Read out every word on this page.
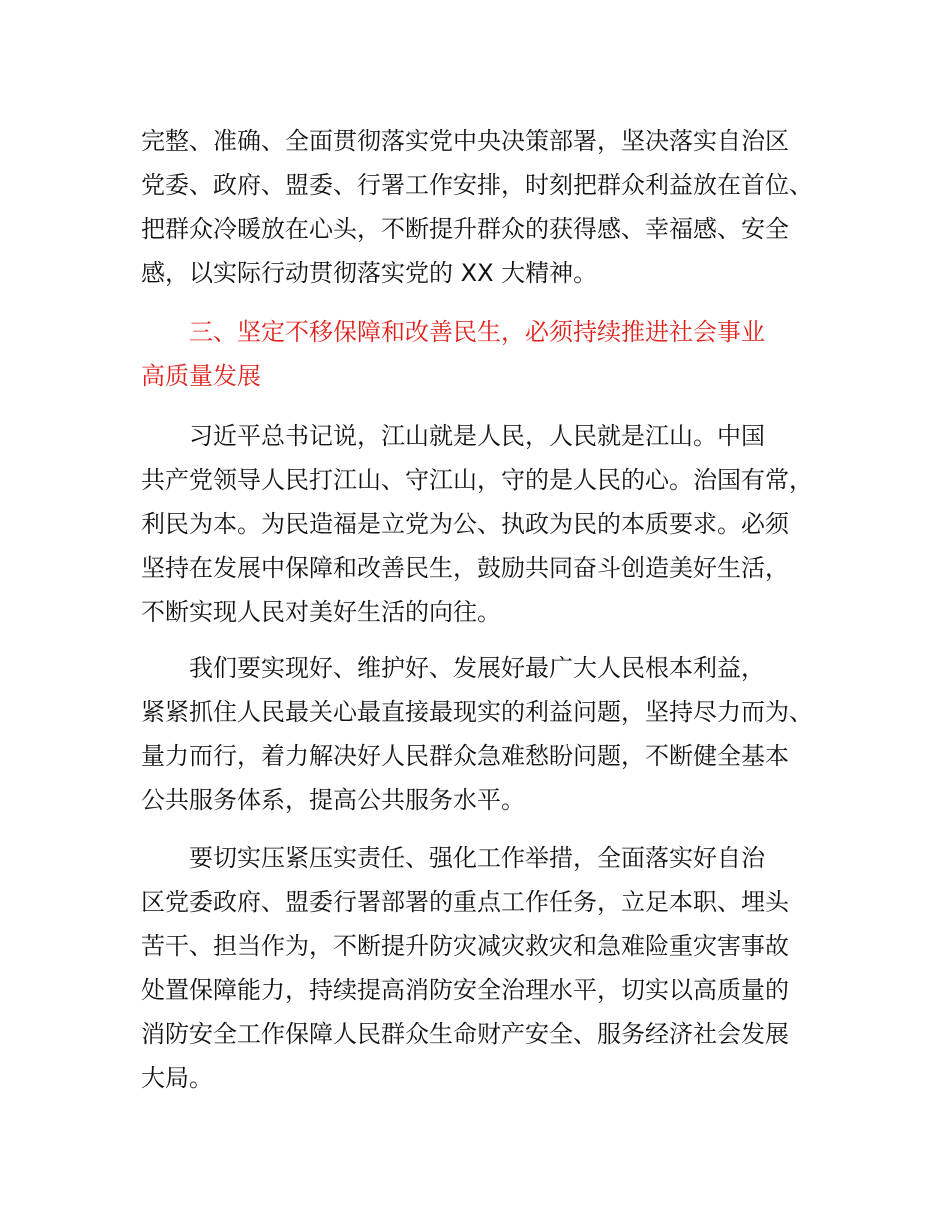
完整、准确、全面贯彻落实党中央决策部署，坚决落实自治区
党委、政府、盟委、行署工作安排，时刻把群众利益放在首位、
把群众冷暖放在心头，不断提升群众的获得感、幸福感、安全
感，以实际行动贯彻落实党的 XX 大精神。
三、坚定不移保障和改善民生，必须持续推进社会事业
高质量发展
习近平总书记说，江山就是人民，人民就是江山。中国
共产党领导人民打江山、守江山，守的是人民的心。治国有常，
利民为本。为民造福是立党为公、执政为民的本质要求。必须
坚持在发展中保障和改善民生，鼓励共同奋斗创造美好生活，
不断实现人民对美好生活的向往。
我们要实现好、维护好、发展好最广大人民根本利益，
紧紧抓住人民最关心最直接最现实的利益问题，坚持尽力而为、
量力而行，着力解决好人民群众急难愁盼问题，不断健全基本
公共服务体系，提高公共服务水平。
要切实压紧压实责任、强化工作举措，全面落实好自治
区党委政府、盟委行署部署的重点工作任务，立足本职、埋头
苦干、担当作为，不断提升防灾减灾救灾和急难险重灾害事故
处置保障能力，持续提高消防安全治理水平，切实以高质量的
消防安全工作保障人民群众生命财产安全、服务经济社会发展
大局。
